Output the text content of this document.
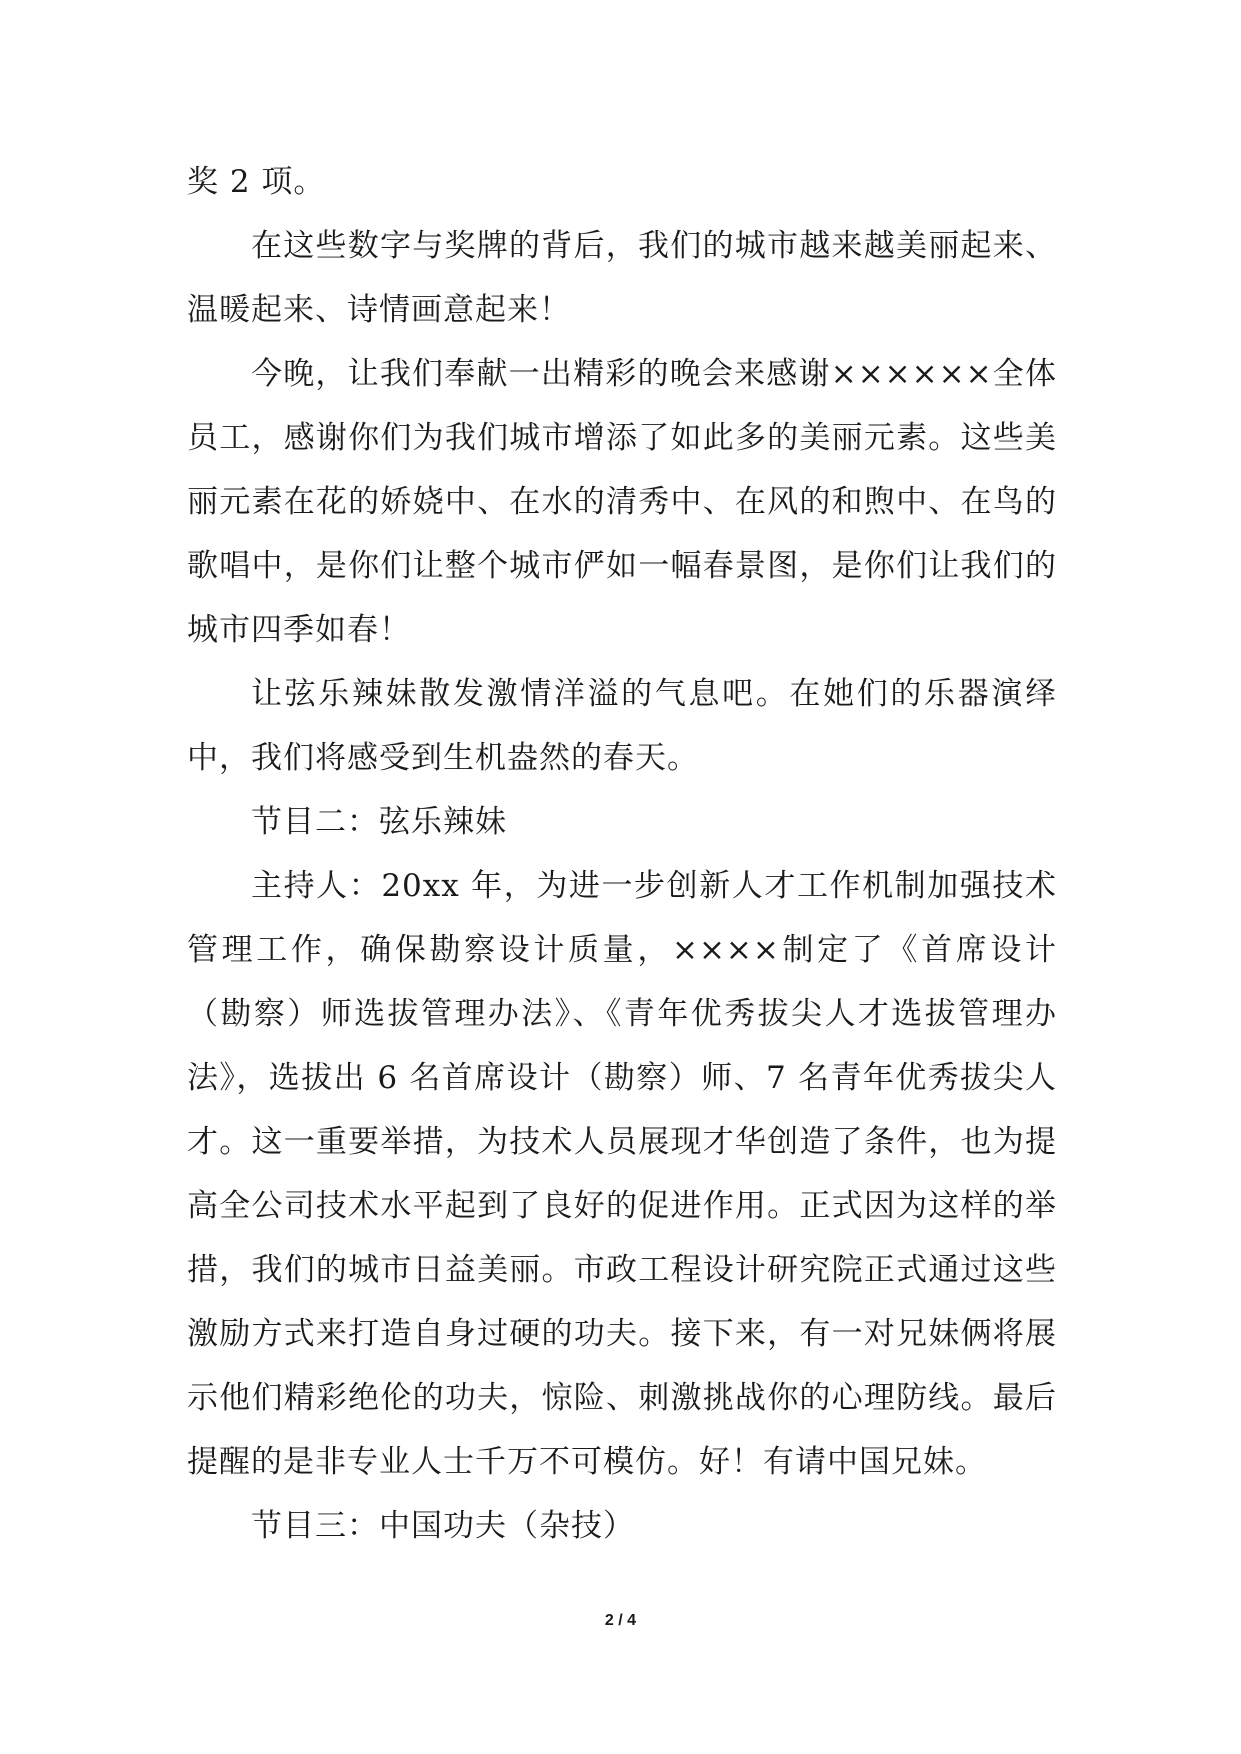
奖 2 项。

在这些数字与奖牌的背后，我们的城市越来越美丽起来、温暖起来、诗情画意起来！

今晚，让我们奉献一出精彩的晚会来感谢××××××全体员工，感谢你们为我们城市增添了如此多的美丽元素。这些美丽元素在花的娇娆中、在水的清秀中、在风的和煦中、在鸟的歌唱中，是你们让整个城市俨如一幅春景图，是你们让我们的城市四季如春！

让弦乐辣妹散发激情洋溢的气息吧。在她们的乐器演绎中，我们将感受到生机盎然的春天。

节目二：弦乐辣妹

主持人：20xx 年，为进一步创新人才工作机制加强技术管理工作，确保勘察设计质量，××××制定了《首席设计（勘察）师选拔管理办法》、《青年优秀拔尖人才选拔管理办法》，选拔出 6 名首席设计（勘察）师、7 名青年优秀拔尖人才。这一重要举措，为技术人员展现才华创造了条件，也为提高全公司技术水平起到了良好的促进作用。正式因为这样的举措，我们的城市日益美丽。市政工程设计研究院正式通过这些激励方式来打造自身过硬的功夫。接下来，有一对兄妹俩将展示他们精彩绝伦的功夫，惊险、刺激挑战你的心理防线。最后提醒的是非专业人士千万不可模仿。好！有请中国兄妹。

节目三：中国功夫（杂技）

2 / 4
